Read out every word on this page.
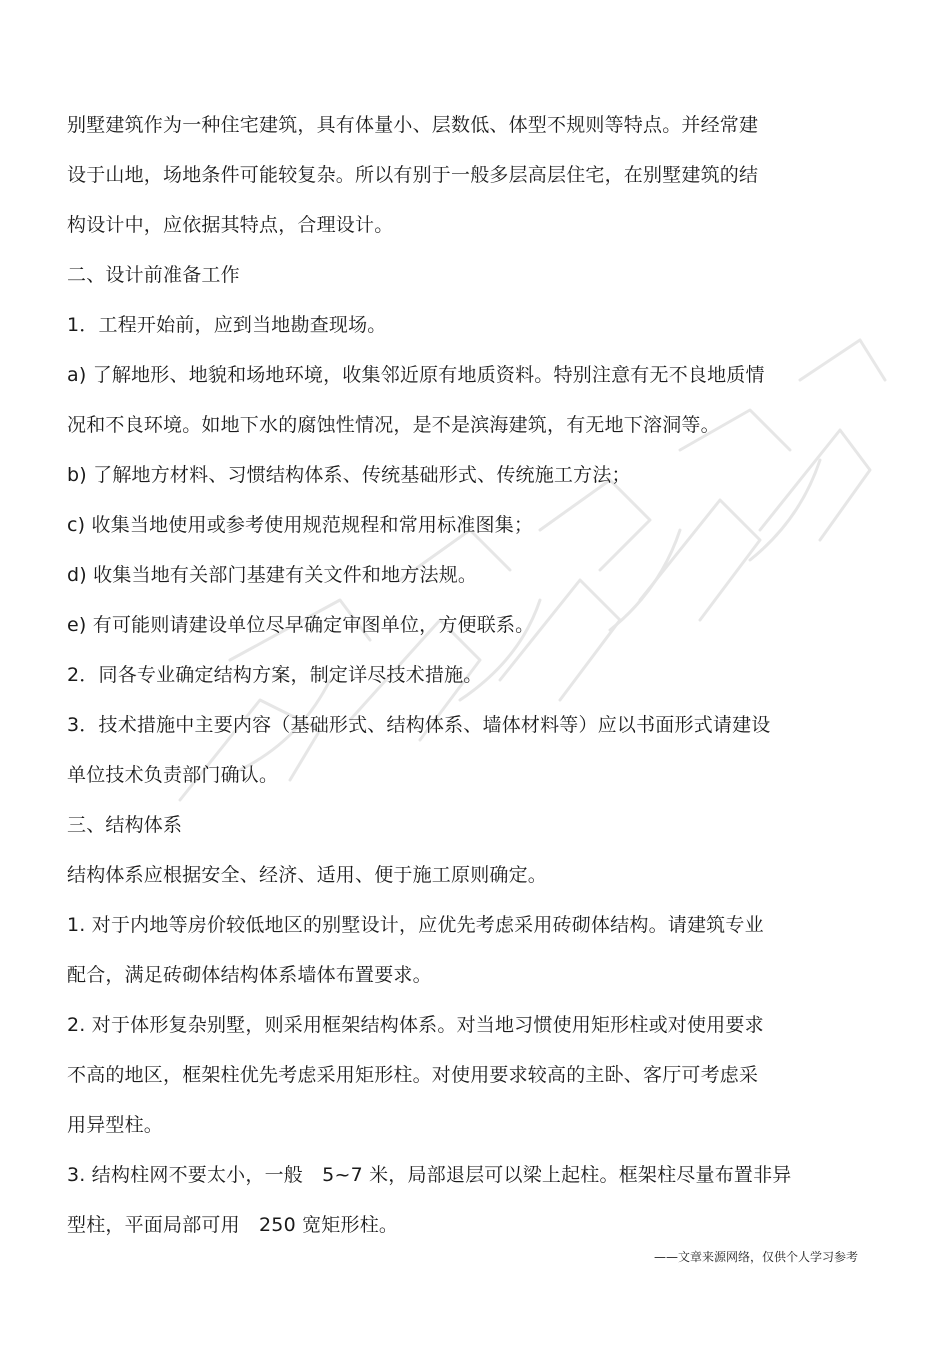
别墅建筑作为一种住宅建筑，具有体量小、层数低、体型不规则等特点。并经常建
设于山地，场地条件可能较复杂。所以有别于一般多层高层住宅，在别墅建筑的结
构设计中，应依据其特点，合理设计。
二、设计前准备工作
1．工程开始前，应到当地勘查现场。
a) 了解地形、地貌和场地环境，收集邻近原有地质资料。特别注意有无不良地质情
况和不良环境。如地下水的腐蚀性情况，是不是滨海建筑，有无地下溶洞等。
b) 了解地方材料、习惯结构体系、传统基础形式、传统施工方法；
c) 收集当地使用或参考使用规范规程和常用标准图集；
d) 收集当地有关部门基建有关文件和地方法规。
e) 有可能则请建设单位尽早确定审图单位，方便联系。
2．同各专业确定结构方案，制定详尽技术措施。
3．技术措施中主要内容（基础形式、结构体系、墙体材料等）应以书面形式请建设
单位技术负责部门确认。
三、结构体系
结构体系应根据安全、经济、适用、便于施工原则确定。
1. 对于内地等房价较低地区的别墅设计，应优先考虑采用砖砌体结构。请建筑专业
配合，满足砖砌体结构体系墙体布置要求。
2. 对于体形复杂别墅，则采用框架结构体系。对当地习惯使用矩形柱或对使用要求
不高的地区，框架柱优先考虑采用矩形柱。对使用要求较高的主卧、客厅可考虑采
用异型柱。
3. 结构柱网不要太小，一般　5~7 米，局部退层可以梁上起柱。框架柱尽量布置非异
型柱，平面局部可用　250 宽矩形柱。
——文章来源网络，仅供个人学习参考
